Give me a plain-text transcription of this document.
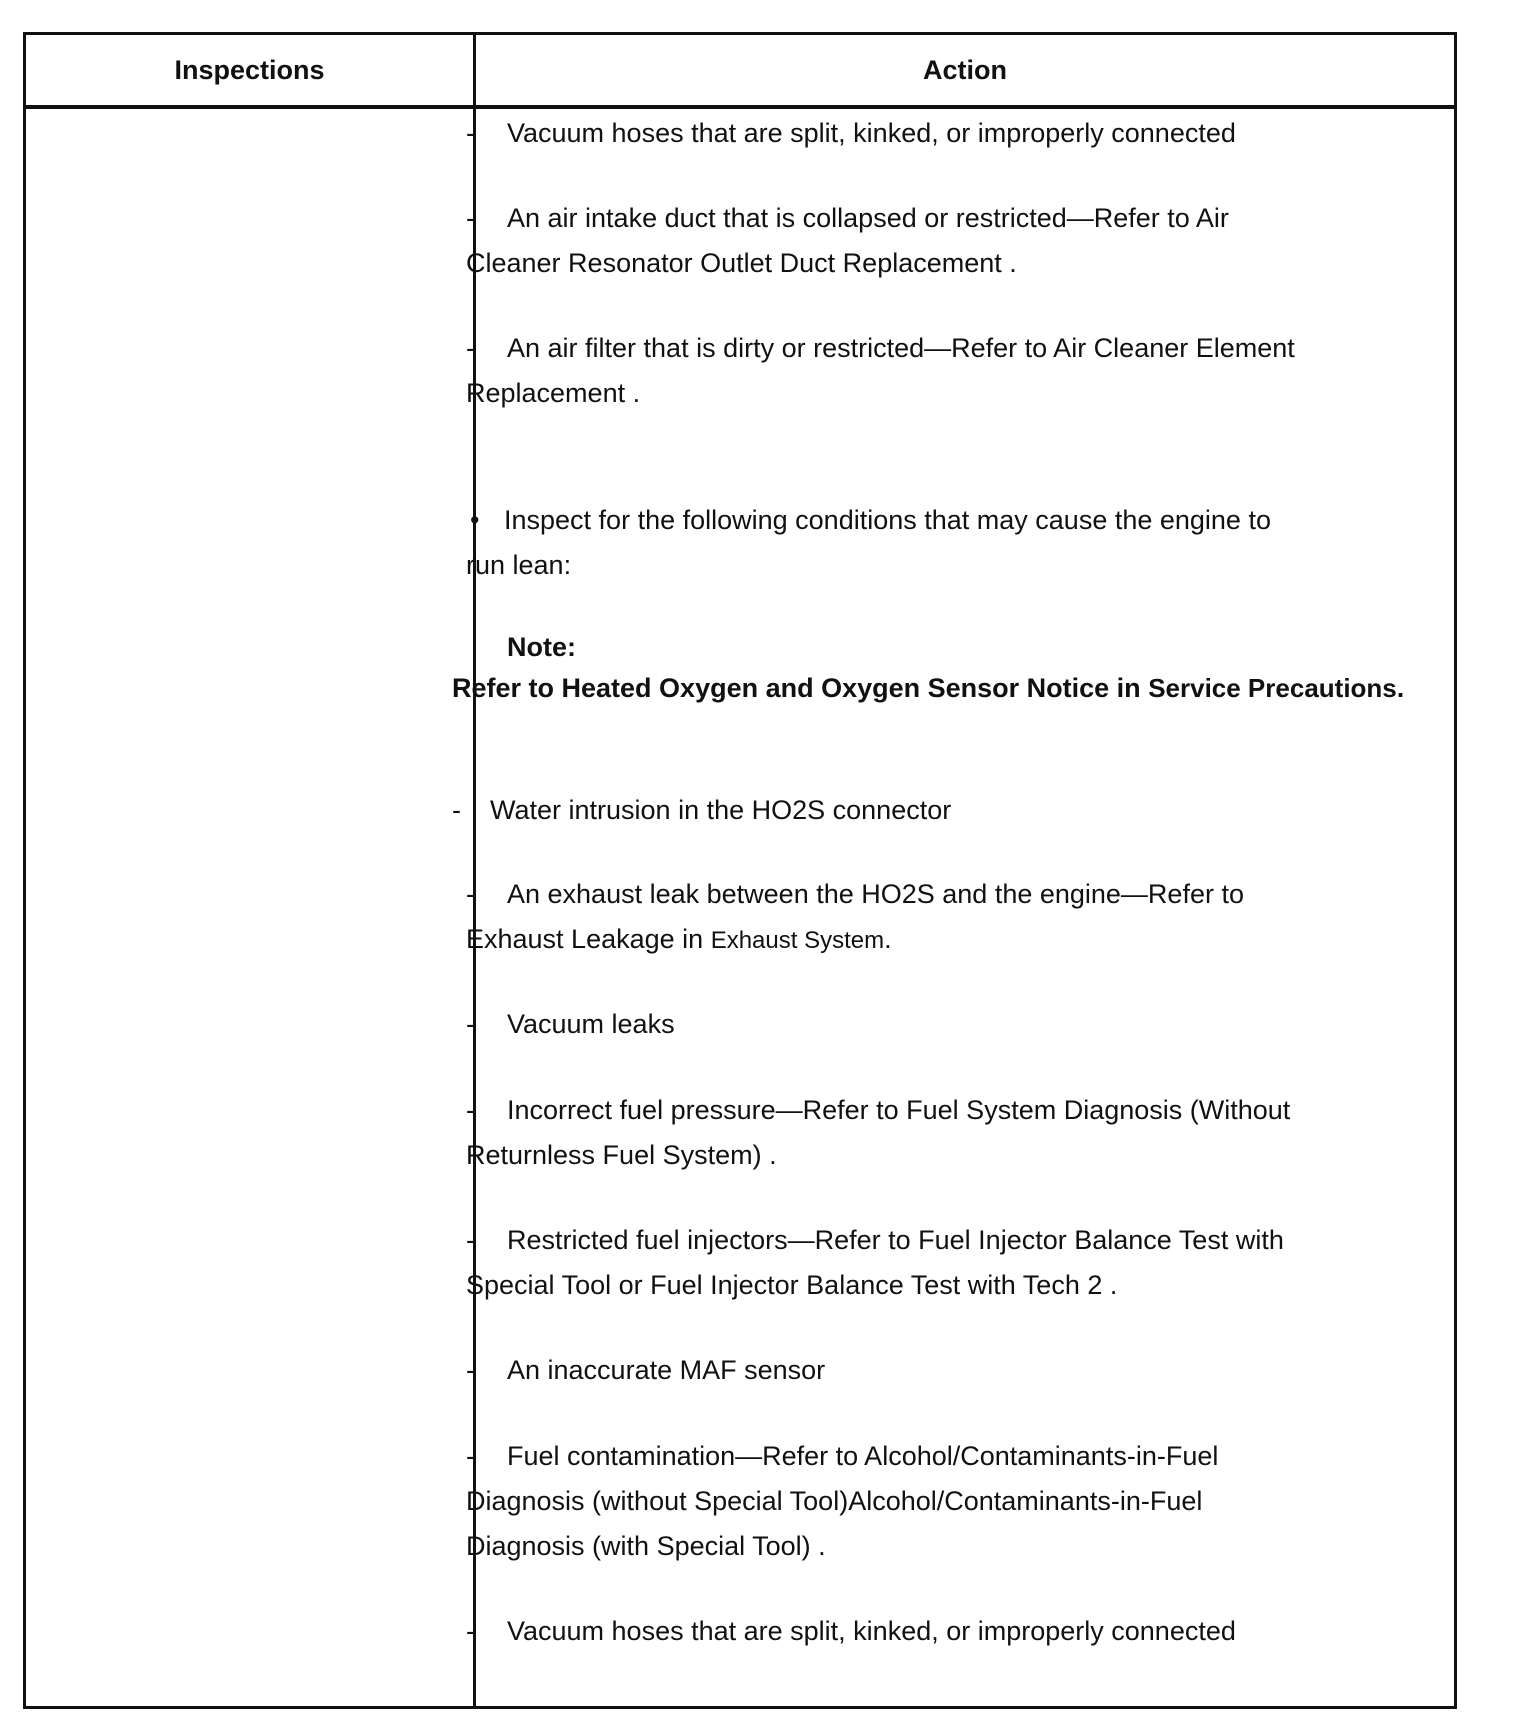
Inspections	Action
- Vacuum hoses that are split, kinked, or improperly connected
- An air intake duct that is collapsed or restricted—Refer to Air
Cleaner Resonator Outlet Duct Replacement .
- An air filter that is dirty or restricted—Refer to Air Cleaner Element
Replacement .
• Inspect for the following conditions that may cause the engine to
run lean:
Note:
Refer to Heated Oxygen and Oxygen Sensor Notice in Service Precautions.
- Water intrusion in the HO2S connector
- An exhaust leak between the HO2S and the engine—Refer to
Exhaust Leakage in Exhaust System.
- Vacuum leaks
- Incorrect fuel pressure—Refer to Fuel System Diagnosis (Without
Returnless Fuel System) .
- Restricted fuel injectors—Refer to Fuel Injector Balance Test with
Special Tool or Fuel Injector Balance Test with Tech 2 .
- An inaccurate MAF sensor
- Fuel contamination—Refer to Alcohol/Contaminants-in-Fuel
Diagnosis (without Special Tool)Alcohol/Contaminants-in-Fuel
Diagnosis (with Special Tool) .
- Vacuum hoses that are split, kinked, or improperly connected
